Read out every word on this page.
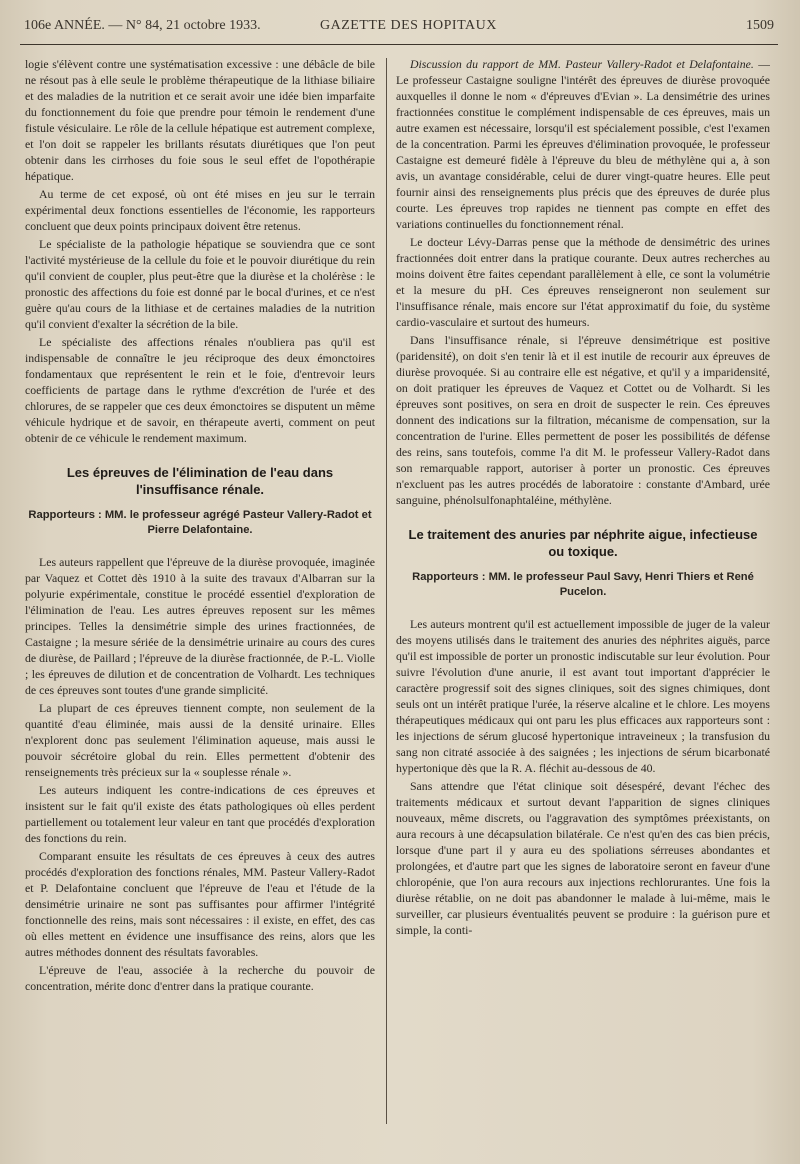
106e ANNÉE. — N° 84, 21 octobre 1933.	GAZETTE DES HOPITAUX	1509

logie s'élèvent contre une systématisation excessive : une débâcle de bile ne résout pas à elle seule le problème thérapeutique de la lithiase biliaire et des maladies de la nutrition et ce serait avoir une idée bien imparfaite du fonctionnement du foie que prendre pour témoin le rendement d'une fistule vésiculaire. Le rôle de la cellule hépatique est autrement complexe, et l'on doit se rappeler les brillants résutats diurétiques que l'on peut obtenir dans les cirrhoses du foie sous le seul effet de l'opothérapie hépatique.

Au terme de cet exposé, où ont été mises en jeu sur le terrain expérimental deux fonctions essentielles de l'économie, les rapporteurs concluent que deux points principaux doivent être retenus.

Le spécialiste de la pathologie hépatique se souviendra que ce sont l'activité mystérieuse de la cellule du foie et le pouvoir diurétique du rein qu'il convient de coupler, plus peut-être que la diurèse et la cholérèse : le pronostic des affections du foie est donné par le bocal d'urines, et ce n'est guère qu'au cours de la lithiase et de certaines maladies de la nutrition qu'il convient d'exalter la sécrétion de la bile.

Le spécialiste des affections rénales n'oubliera pas qu'il est indispensable de connaître le jeu réciproque des deux émonctoires fondamentaux que représentent le rein et le foie, d'entrevoir leurs coefficients de partage dans le rythme d'excrétion de l'urée et des chlorures, de se rappeler que ces deux émonctoires se disputent un même véhicule hydrique et de savoir, en thérapeute averti, comment on peut obtenir de ce véhicule le rendement maximum.

Les épreuves de l'élimination de l'eau dans l'insuffisance rénale.
Rapporteurs : MM. le professeur agrégé Pasteur Vallery-Radot et Pierre Delafontaine.

Les auteurs rappellent que l'épreuve de la diurèse provoquée, imaginée par Vaquez et Cottet dès 1910 à la suite des travaux d'Albarran sur la polyurie expérimentale, constitue le procédé essentiel d'exploration de l'élimination de l'eau. Les autres épreuves reposent sur les mêmes principes. Telles la densimétrie simple des urines fractionnées, de Castaigne ; la mesure sériée de la densimétrie urinaire au cours des cures de diurèse, de Paillard ; l'épreuve de la diurèse fractionnée, de P.-L. Violle ; les épreuves de dilution et de concentration de Volhardt. Les techniques de ces épreuves sont toutes d'une grande simplicité.

La plupart de ces épreuves tiennent compte, non seulement de la quantité d'eau éliminée, mais aussi de la densité urinaire. Elles n'explorent donc pas seulement l'élimination aqueuse, mais aussi le pouvoir sécrétoire global du rein. Elles permettent d'obtenir des renseignements très précieux sur la « souplesse rénale ».

Les auteurs indiquent les contre-indications de ces épreuves et insistent sur le fait qu'il existe des états pathologiques où elles perdent partiellement ou totalement leur valeur en tant que procédés d'exploration des fonctions du rein.

Comparant ensuite les résultats de ces épreuves à ceux des autres procédés d'exploration des fonctions rénales, MM. Pasteur Vallery-Radot et P. Delafontaine concluent que l'épreuve de l'eau et l'étude de la densimétrie urinaire ne sont pas suffisantes pour affirmer l'intégrité fonctionnelle des reins, mais sont nécessaires : il existe, en effet, des cas où elles mettent en évidence une insuffisance des reins, alors que les autres méthodes donnent des résultats favorables.

L'épreuve de l'eau, associée à la recherche du pouvoir de concentration, mérite donc d'entrer dans la pratique courante.

Discussion du rapport de MM. Pasteur Vallery-Radot et Delafontaine. — Le professeur Castaigne souligne l'intérêt des épreuves de diurèse provoquée auxquelles il donne le nom « d'épreuves d'Evian ». La densimétrie des urines fractionnées constitue le complément indispensable de ces épreuves, mais un autre examen est nécessaire, lorsqu'il est spécialement possible, c'est l'examen de la concentration. Parmi les épreuves d'élimination provoquée, le professeur Castaigne est demeuré fidèle à l'épreuve du bleu de méthylène qui a, à son avis, un avantage considérable, celui de durer vingt-quatre heures. Elle peut fournir ainsi des renseignements plus précis que des épreuves de durée plus courte. Les épreuves trop rapides ne tiennent pas compte en effet des variations continuelles du fonctionnement rénal.

Le docteur Lévy-Darras pense que la méthode de densimétric des urines fractionnées doit entrer dans la pratique courante. Deux autres recherches au moins doivent être faites cependant parallèlement à elle, ce sont la volumétrie et la mesure du pH. Ces épreuves renseigneront non seulement sur l'insuffisance rénale, mais encore sur l'état approximatif du foie, du système cardio-vasculaire et surtout des humeurs.

Dans l'insuffisance rénale, si l'épreuve densimétrique est positive (paridensité), on doit s'en tenir là et il est inutile de recourir aux épreuves de diurèse provoquée. Si au contraire elle est négative, et qu'il y a imparidensité, on doit pratiquer les épreuves de Vaquez et Cottet ou de Volhardt. Si les épreuves sont positives, on sera en droit de suspecter le rein. Ces épreuves donnent des indications sur la filtration, mécanisme de compensation, sur la concentration de l'urine. Elles permettent de poser les possibilités de défense des reins, sans toutefois, comme l'a dit M. le professeur Vallery-Radot dans son remarquable rapport, autoriser à porter un pronostic. Ces épreuves n'excluent pas les autres procédés de laboratoire : constante d'Ambard, urée sanguine, phénolsulfonaphtaléine, méthylène.

Le traitement des anuries par néphrite aigue, infectieuse ou toxique.
Rapporteurs : MM. le professeur Paul Savy, Henri Thiers et René Pucelon.

Les auteurs montrent qu'il est actuellement impossible de juger de la valeur des moyens utilisés dans le traitement des anuries des néphrites aiguës, parce qu'il est impossible de porter un pronostic indiscutable sur leur évolution. Pour suivre l'évolution d'une anurie, il est avant tout important d'apprécier le caractère progressif soit des signes cliniques, soit des signes chimiques, dont seuls ont un intérêt pratique l'urée, la réserve alcaline et le chlore. Les moyens thérapeutiques médicaux qui ont paru les plus efficaces aux rapporteurs sont : les injections de sérum glucosé hypertonique intraveineux ; la transfusion du sang non citraté associée à des saignées ; les injections de sérum bicarbonaté hypertonique dès que la R. A. fléchit au-dessous de 40.

Sans attendre que l'état clinique soit désespéré, devant l'échec des traitements médicaux et surtout devant l'apparition de signes cliniques nouveaux, même discrets, ou l'aggravation des symptômes préexistants, on aura recours à une décapsulation bilatérale. Ce n'est qu'en des cas bien précis, lorsque d'une part il y aura eu des spoliations sérreuses abondantes et prolongées, et d'autre part que les signes de laboratoire seront en faveur d'une chloropénie, que l'on aura recours aux injections rechlorurantes. Une fois la diurèse rétablie, on ne doit pas abandonner le malade à lui-même, mais le surveiller, car plusieurs éventualités peuvent se produire : la guérison pure et simple, la conti-
